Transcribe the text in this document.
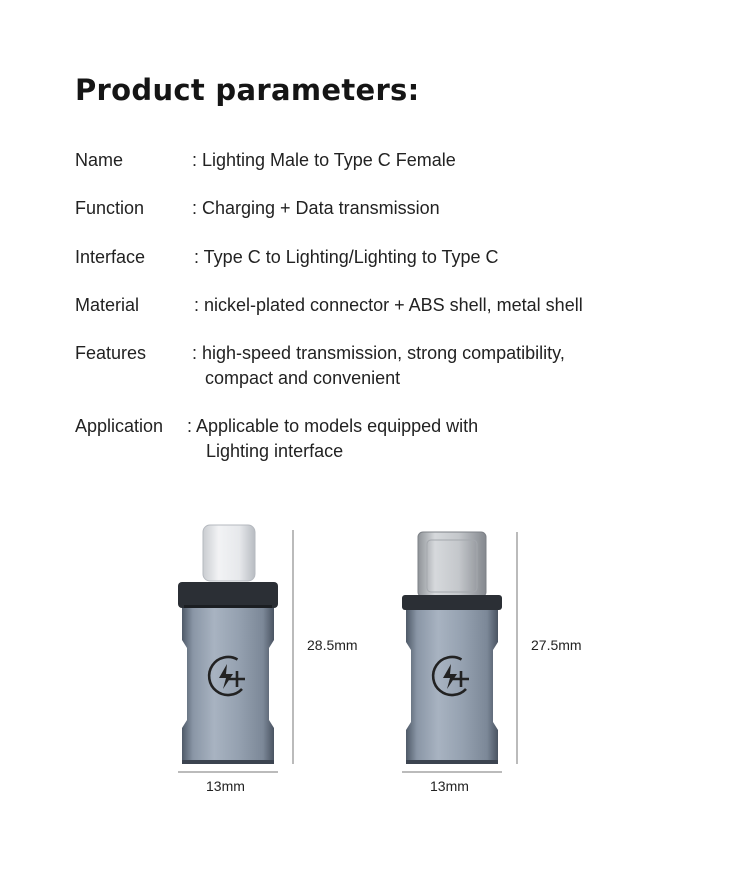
Product parameters:
Name	: Lighting Male to Type C Female
Function	: Charging + Data transmission
Interface	: Type C to Lighting/Lighting to Type C
Material	: nickel-plated connector + ABS shell, metal shell
Features	: high-speed transmission, strong compatibility,
compact and convenient
Application : Applicable to models equipped with
Lighting interface
28.5mm	27.5mm
13mm	13mm
